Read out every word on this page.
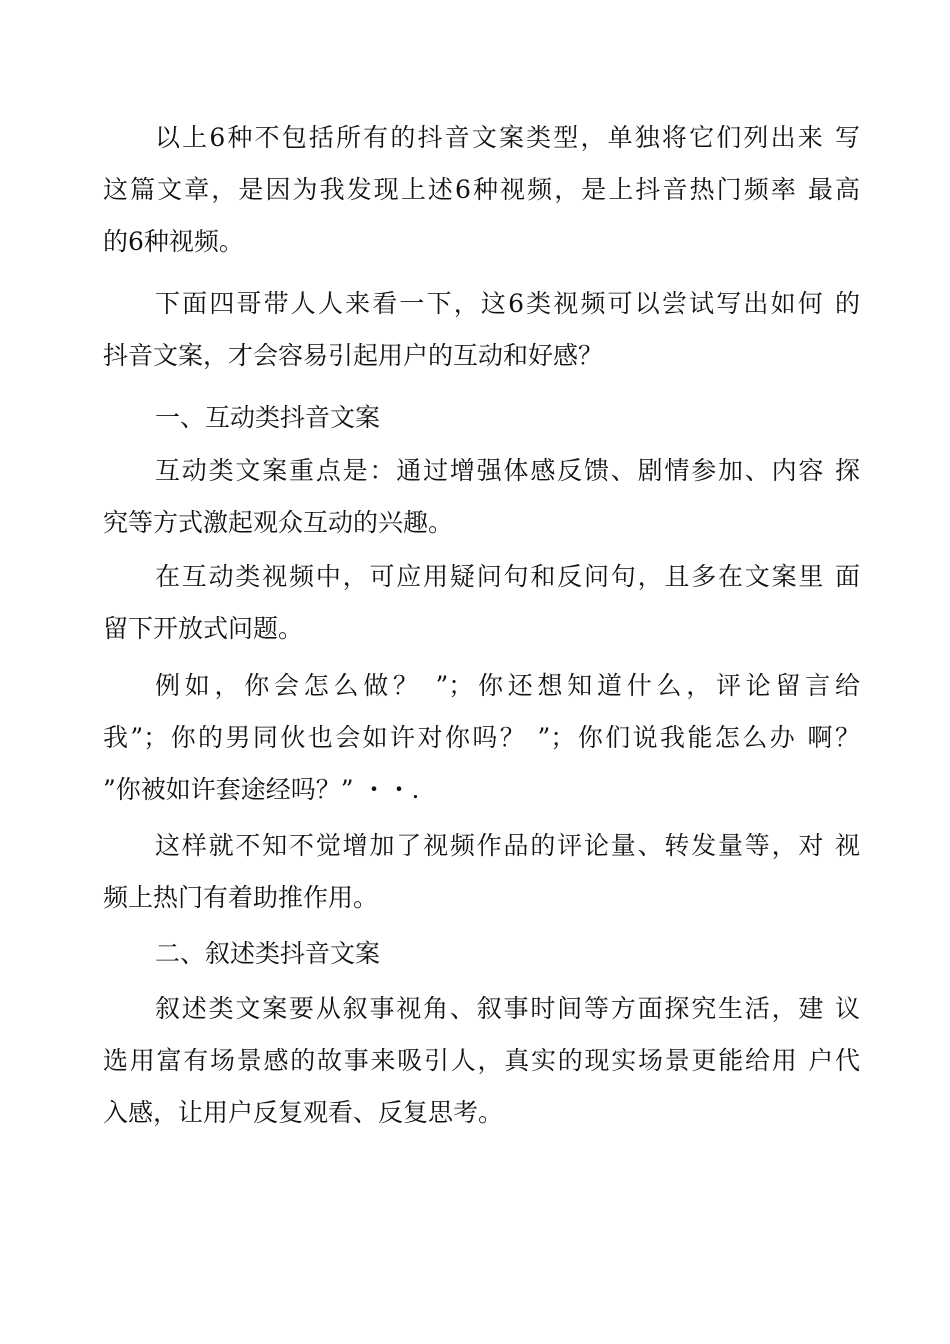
以上6种不包括所有的抖音文案类型，单独将它们列出来 写
这篇文章，是因为我发现上述6种视频，是上抖音热门频率 最高
的6种视频。
下面四哥带人人来看一下，这6类视频可以尝试写出如何 的
抖音文案，才会容易引起用户的互动和好感？
一、互动类抖音文案
互动类文案重点是：通过增强体感反馈、剧情参加、内容 探
究等方式激起观众互动的兴趣。
在互动类视频中，可应用疑问句和反问句，且多在文案里 面
留下开放式问题。
例如，你会怎么做？ ”；你还想知道什么，评论留言给
我”；你的男同伙也会如许对你吗？ ”；你们说我能怎么办 啊？
”你被如许套途经吗？” ・・.
这样就不知不觉增加了视频作品的评论量、转发量等，对 视
频上热门有着助推作用。
二、叙述类抖音文案
叙述类文案要从叙事视角、叙事时间等方面探究生活，建 议
选用富有场景感的故事来吸引人，真实的现实场景更能给用 户代
入感，让用户反复观看、反复思考。
